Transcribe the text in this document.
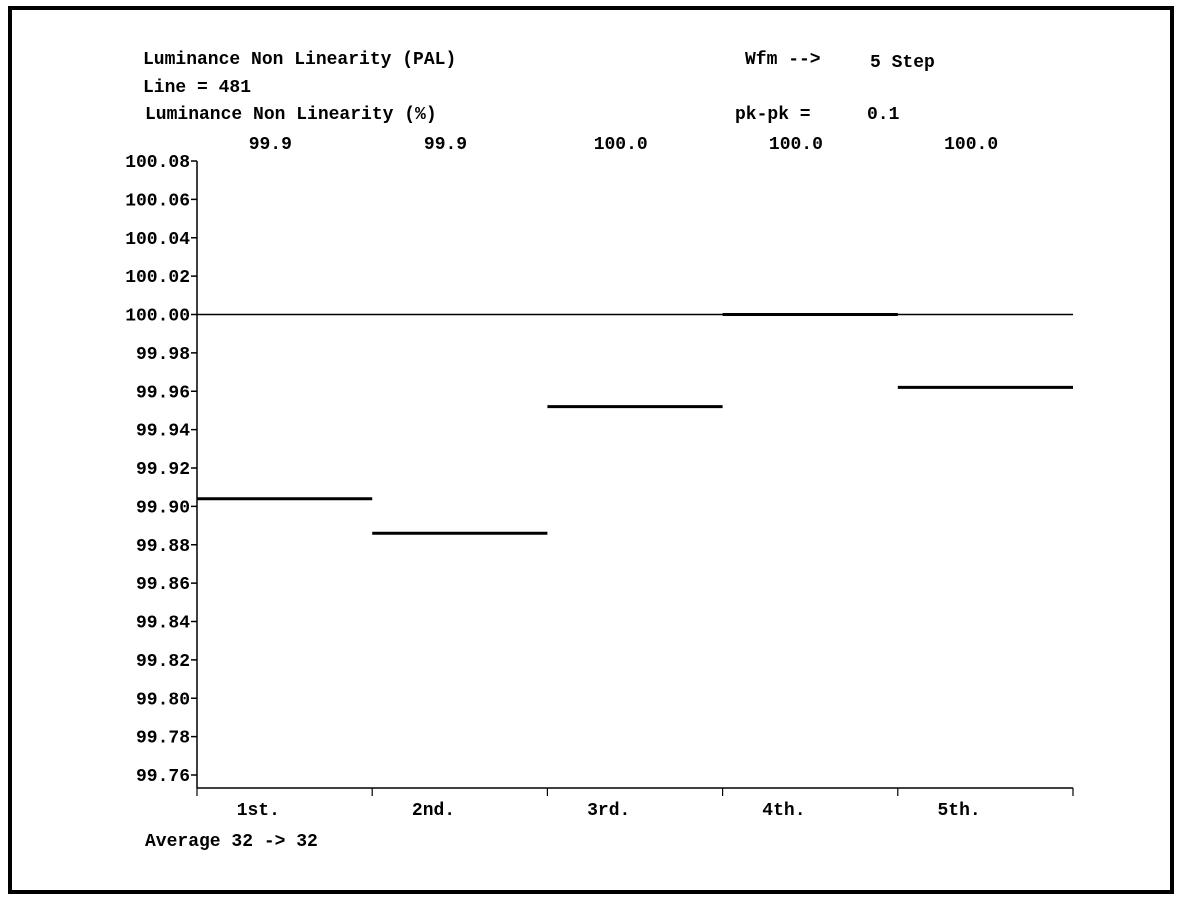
Luminance Non Linearity (PAL)
Line = 481
Luminance Non Linearity (%)
Wfm -->	5 Step
pk-pk =	0.1
Average 32 -> 32
100.08
100.06
100.04
100.02
100.00
99.98
99.96
99.94
99.92
99.90
99.88
99.86
99.84
99.82
99.80
99.78
99.76
1st.
99.9
2nd.
99.9
3rd.
100.0
4th.
100.0
5th.
100.0
